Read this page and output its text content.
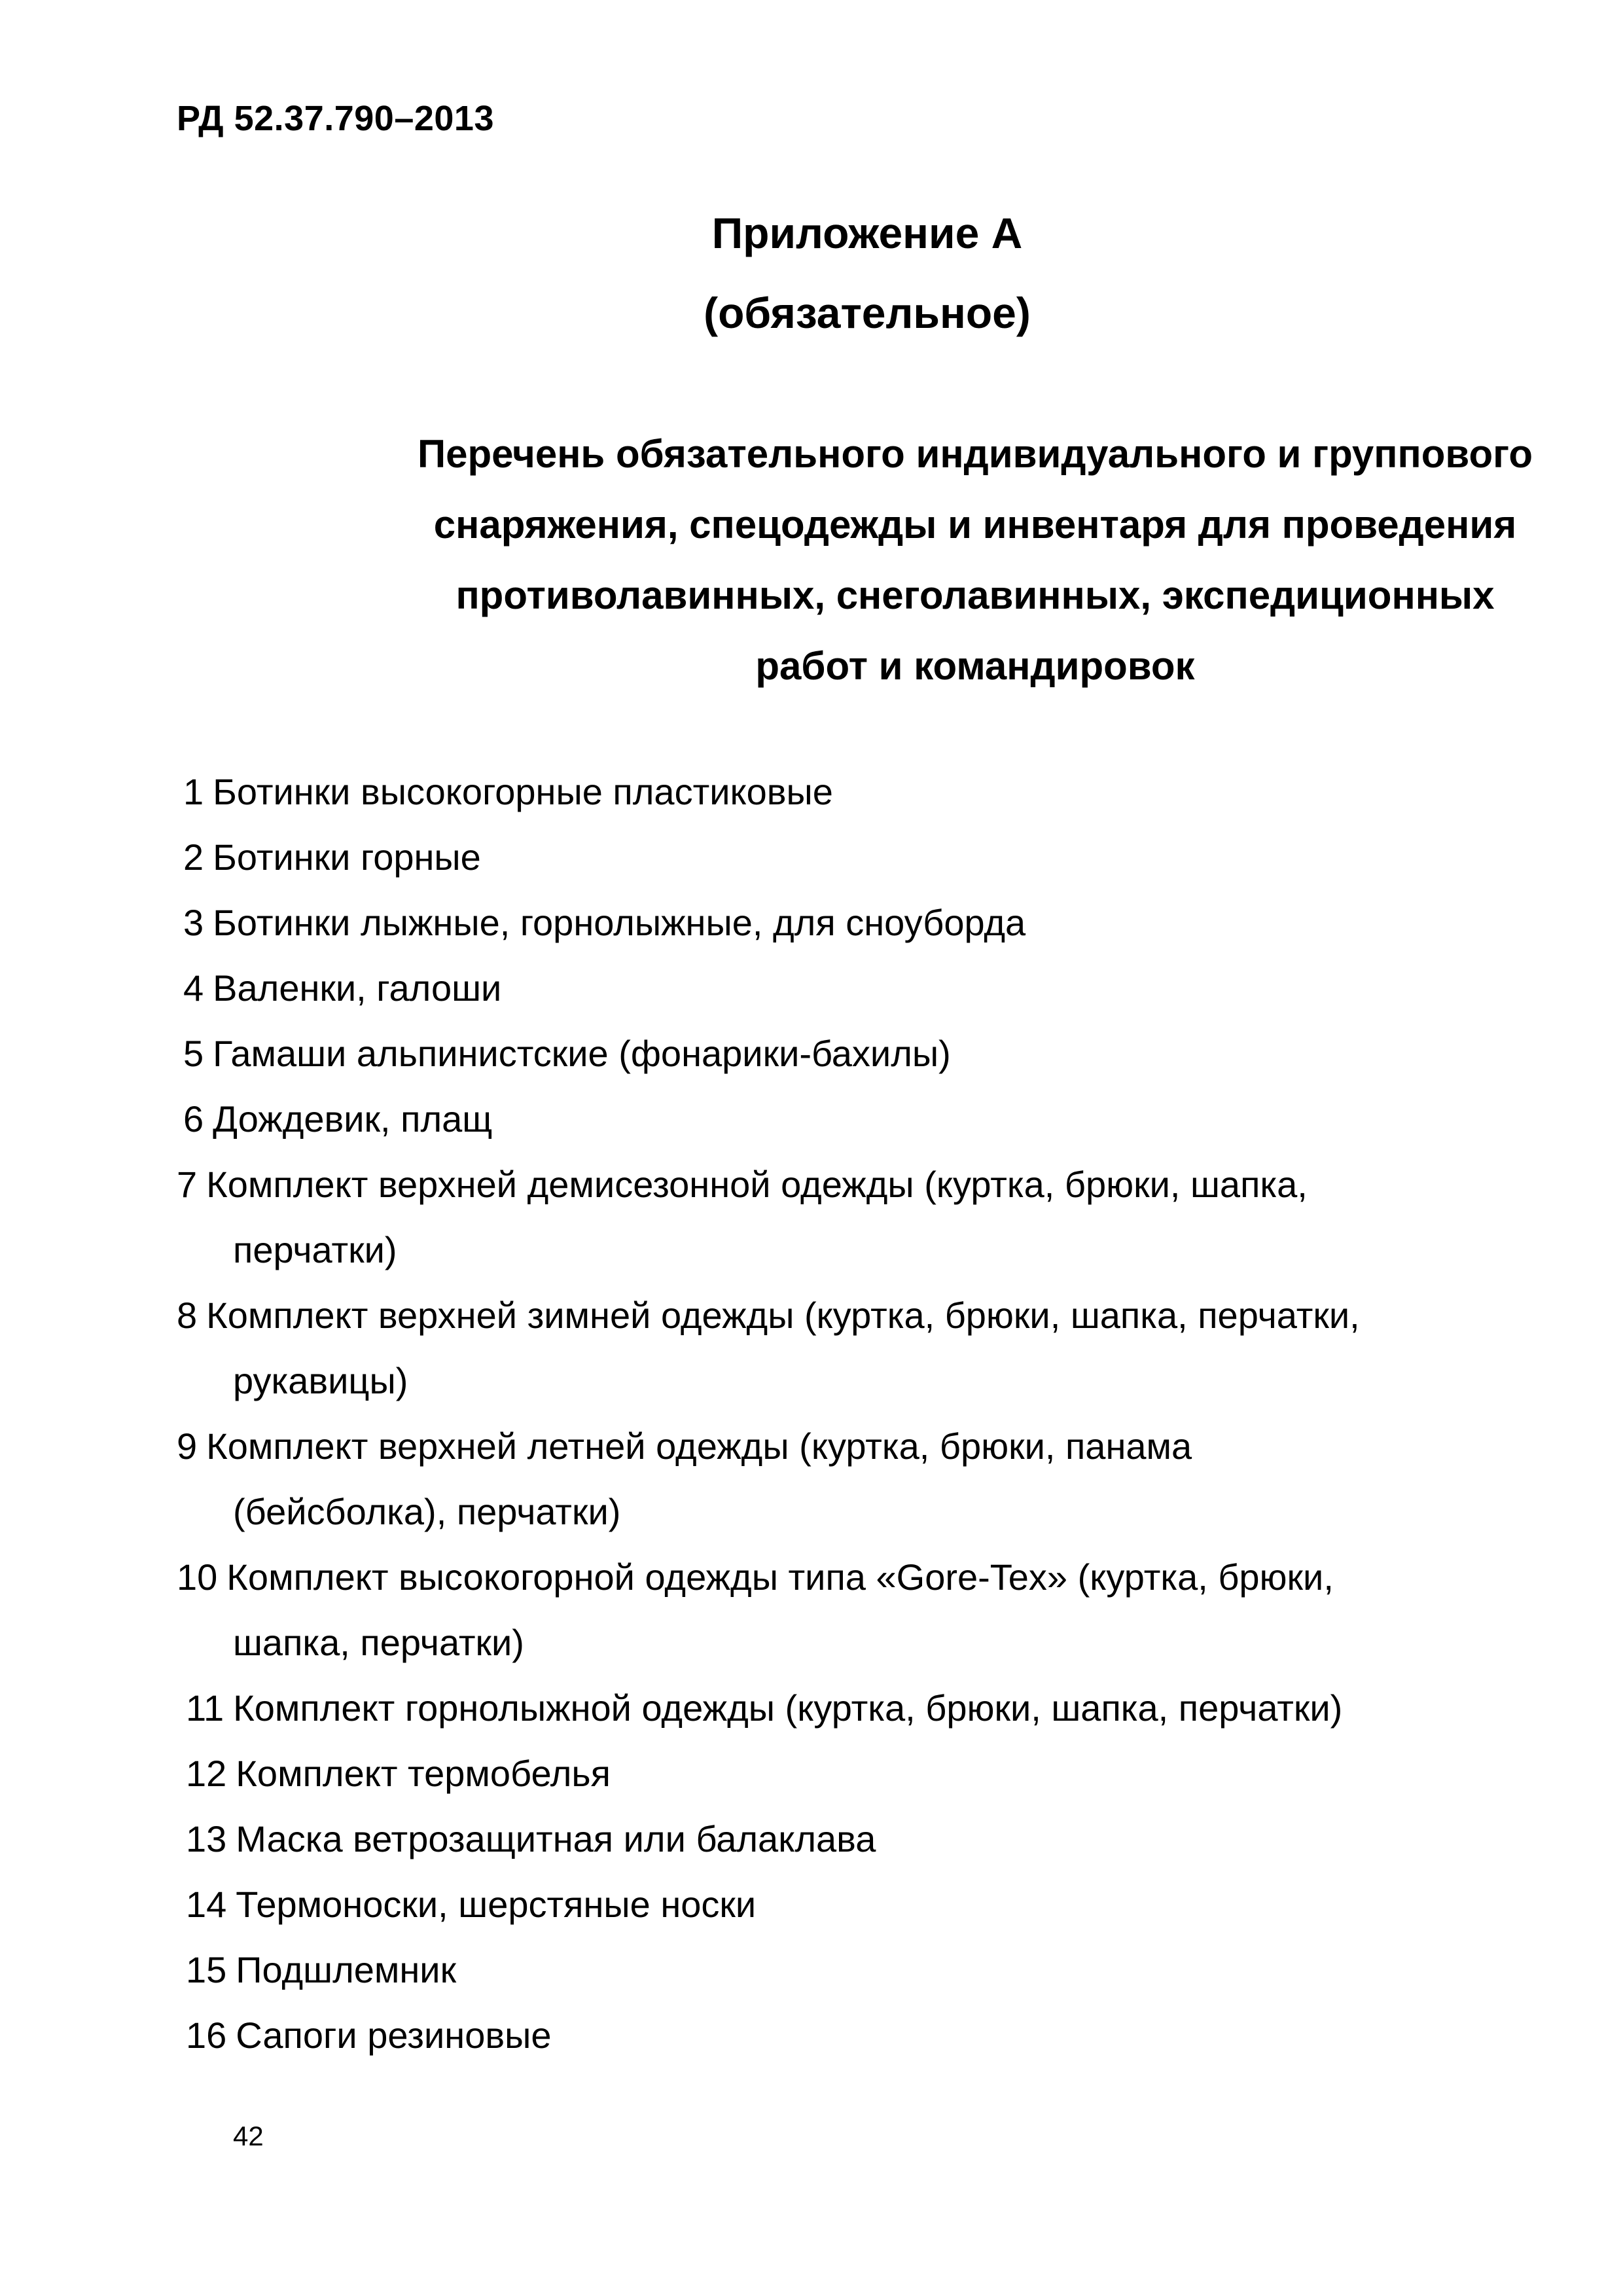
РД 52.37.790–2013
Приложение А
(обязательное)
Перечень обязательного индивидуального и группового
снаряжения, спецодежды и инвентаря для проведения
противолавинных, снеголавинных, экспедиционных
работ и командировок
1 Ботинки высокогорные пластиковые
2 Ботинки горные
3 Ботинки лыжные, горнолыжные, для сноуборда
4 Валенки, галоши
5 Гамаши альпинистские (фонарики-бахилы)
6 Дождевик, плащ
7 Комплект верхней демисезонной одежды (куртка, брюки, шапка,
перчатки)
8 Комплект верхней зимней одежды (куртка, брюки, шапка, перчатки,
рукавицы)
9 Комплект верхней летней одежды (куртка, брюки, панама
(бейсболка), перчатки)
10 Комплект высокогорной одежды типа «Gore-Tex» (куртка, брюки,
шапка, перчатки)
11 Комплект горнолыжной одежды (куртка, брюки, шапка, перчатки)
12 Комплект термобелья
13 Маска ветрозащитная или балаклава
14 Термоноски, шерстяные носки
15 Подшлемник
16 Сапоги резиновые
42
